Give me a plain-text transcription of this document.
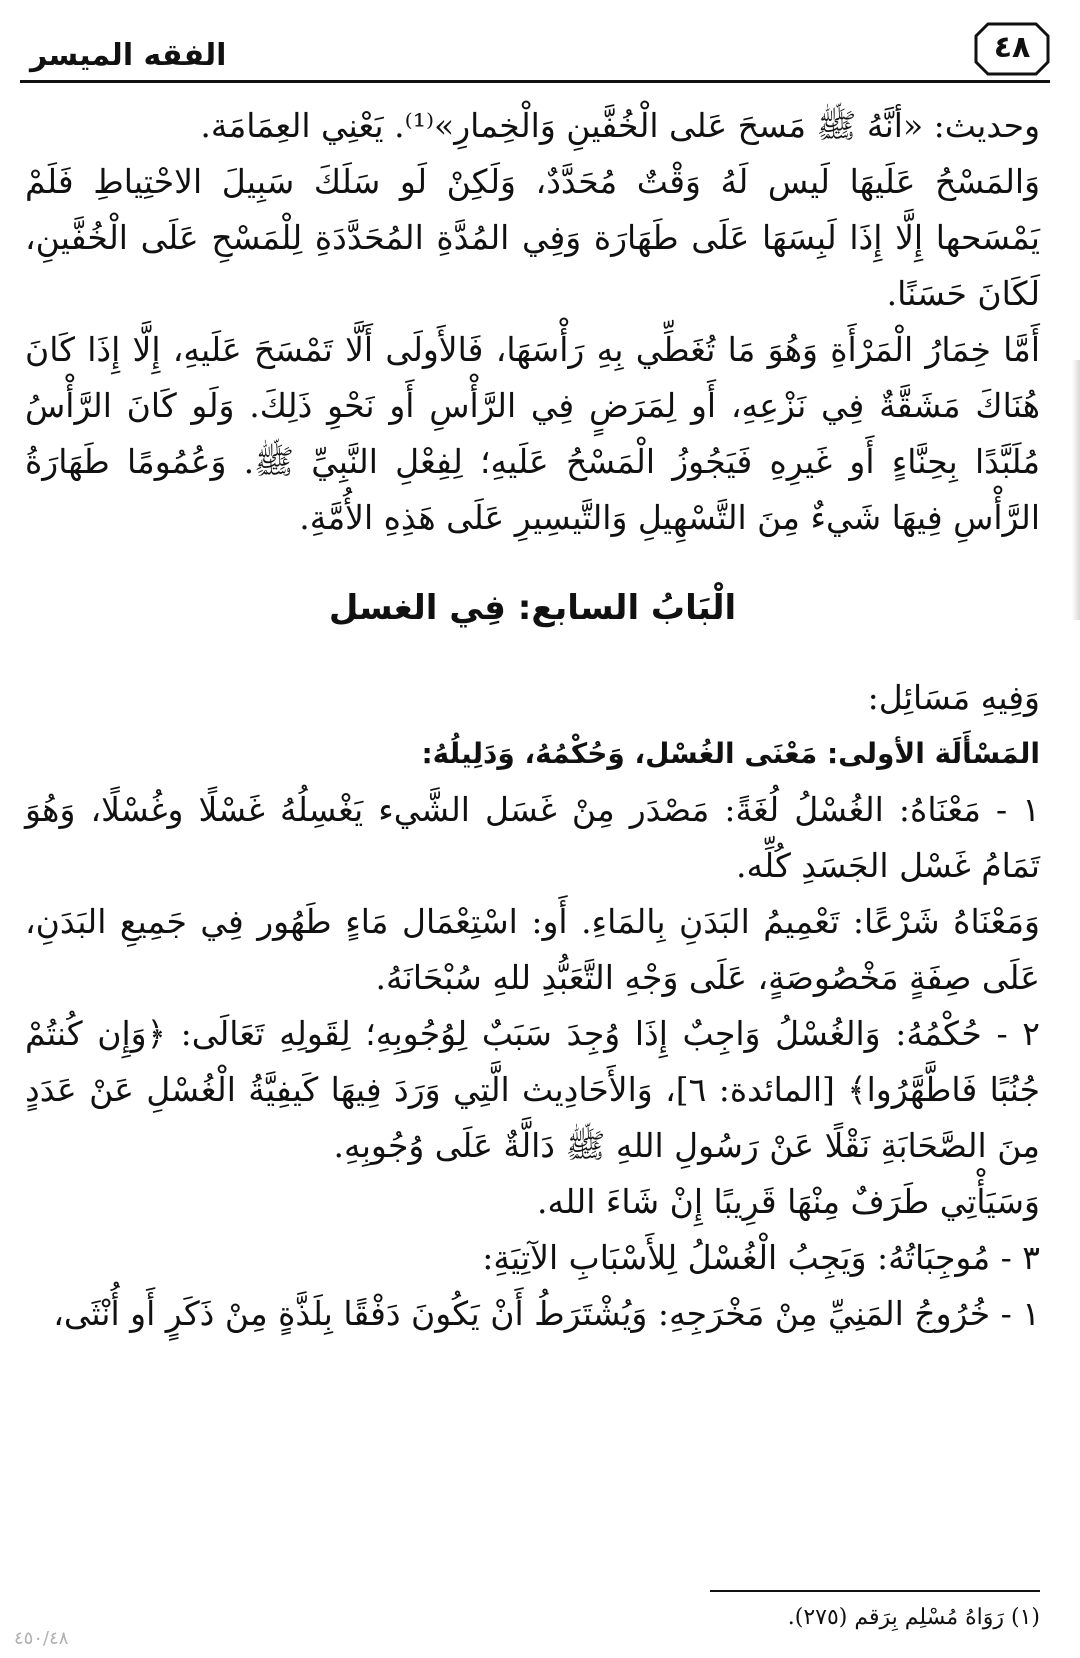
الفقه الميسر	٤٨

وحديث: «أنَّهُ ﷺ مَسحَ عَلى الْخُفَّينِ وَالْخِمارِ»⁽¹⁾. يَعْنِي العِمَامَة.

وَالمَسْحُ عَلَيهَا لَيس لَهُ وَقْتٌ مُحَدَّدٌ، وَلَكِنْ لَو سَلَكَ سَبِيلَ الاحْتِياطِ فَلَمْ يَمْسَحها إِلَّا إِذَا لَبِسَهَا عَلَى طَهَارَة وَفِي المُدَّةِ المُحَدَّدَةِ لِلْمَسْحِ عَلَى الْخُفَّينِ، لَكَانَ حَسَنًا.

أَمَّا خِمَارُ الْمَرْأَةِ وَهُوَ مَا تُغَطِّي بِهِ رَأْسَهَا، فَالأَولَى أَلَّا تَمْسَحَ عَلَيهِ، إِلَّا إِذَا كَانَ هُنَاكَ مَشَقَّةٌ فِي نَزْعِهِ، أَو لِمَرَضٍ فِي الرَّأْسِ أَو نَحْوِ ذَلِكَ. وَلَو كَانَ الرَّأْسُ مُلَبَّدًا بِحِنَّاءٍ أَو غَيرِهِ فَيَجُوزُ الْمَسْحُ عَلَيهِ؛ لِفِعْلِ النَّبِيِّ ﷺ. وَعُمُومًا طَهَارَةُ الرَّأْسِ فِيهَا شَيءٌ مِنَ التَّسْهِيلِ وَالتَّيسِيرِ عَلَى هَذِهِ الأُمَّةِ.

الْبَابُ السابع: فِي الغسل

وَفِيهِ مَسَائِل:

المَسْأَلَة الأولى: مَعْنَى الغُسْل، وَحُكْمُهُ، وَدَلِيلُهُ:

١ - مَعْنَاهُ: الغُسْلُ لُغَةً: مَصْدَر مِنْ غَسَل الشَّيء يَغْسِلُهُ غَسْلًا وغُسْلًا، وَهُوَ تَمَامُ غَسْل الجَسَدِ كُلِّه.

وَمَعْنَاهُ شَرْعًا: تَعْمِيمُ البَدَنِ بِالمَاءِ. أَو: اسْتِعْمَال مَاءٍ طَهُور فِي جَمِيعِ البَدَنِ، عَلَى صِفَةٍ مَخْصُوصَةٍ، عَلَى وَجْهِ التَّعَبُّدِ للهِ سُبْحَانَهُ.

٢ - حُكْمُهُ: وَالغُسْلُ وَاجِبٌ إِذَا وُجِدَ سَبَبٌ لِوُجُوبِهِ؛ لِقَولِهِ تَعَالَى: ﴿وَإِن كُنتُمْ جُنُبًا فَاطَّهَّرُوا﴾ [المائدة: ٦]، وَالأَحَادِيث الَّتِي وَرَدَ فِيهَا كَيفِيَّةُ الْغُسْلِ عَنْ عَدَدٍ مِنَ الصَّحَابَةِ نَقْلًا عَنْ رَسُولِ اللهِ ﷺ دَالَّةٌ عَلَى وُجُوبِهِ.

وَسَيَأْتِي طَرَفٌ مِنْهَا قَرِيبًا إِنْ شَاءَ الله.

٣ - مُوجِبَاتُهُ: وَيَجِبُ الْغُسْلُ لِلأَسْبَابِ الآتِيَةِ:

١ - خُرُوجُ المَنِيِّ مِنْ مَخْرَجِهِ: وَيُشْتَرَطُ أَنْ يَكُونَ دَفْقًا بِلَذَّةٍ مِنْ ذَكَرٍ أَو أُنْثَى،

(١) رَوَاهُ مُسْلِم بِرَقم (٢٧٥).
٤٥٠/٤٨
